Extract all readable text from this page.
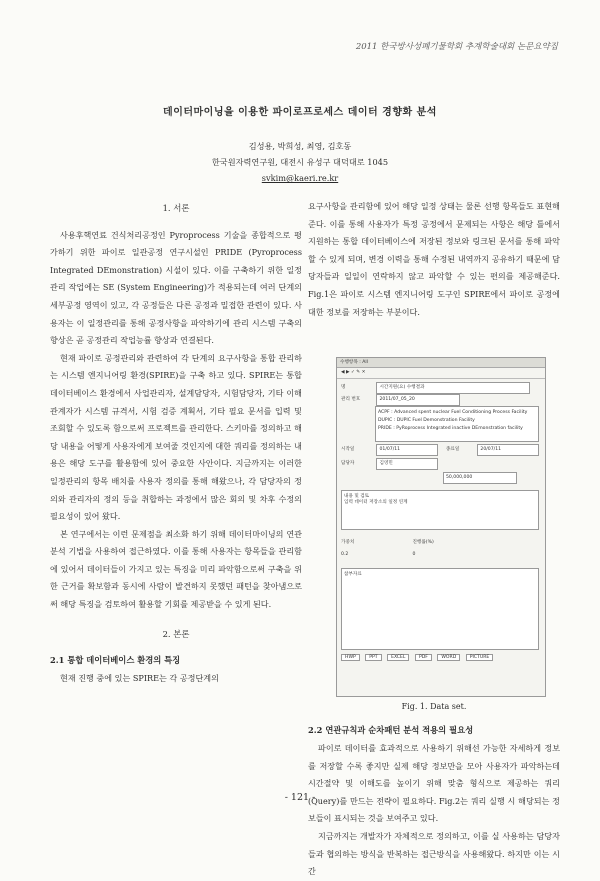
2011 한국방사성폐기물학회 추계학술대회 논문요약집
데이터마이닝을 이용한 파이로프로세스 데이터 경향화 분석
김성용, 박희성, 최영, 김호동
한국원자력연구원, 대전시 유성구 대덕대로 1045
svkim@kaeri.re.kr
1. 서론

사용후핵연료 건식처리공정인 Pyroprocess 기술을 종합적으로 평가하기 위한 파이로 일관공정 연구시설인 PRIDE (Pyroprocess Integrated DEmonstration) 시설이 있다. 이를 구축하기 위한 일정관리 작업에는 SE (System Engineering)가 적용되는데 여러 단계의 세부공정 영역이 있고, 각 공정들은 다른 공정과 밀접한 관련이 있다. 사용자는 이 일정관리를 통해 공정사항을 파악하기에 관리 시스템 구축의 향상은 곧 공정관리 작업능률 향상과 연결된다.

현재 파이로 공정관리와 관련하여 각 단계의 요구사항을 통합 관리하는 시스템 엔지니어링 환경(SPIRE)을 구축 하고 있다. SPIRE는 통합 데이터베이스 환경에서 사업관리자, 설계담당자, 시험담당자, 기타 이해관계자가 시스템 규격서, 시험 검증 계획서, 기타 필요 문서를 입력 및 조회할 수 있도록 함으로써 프로젝트를 관리한다. 스키마를 정의하고 해당 내용을 어떻게 사용자에게 보여줄 것인지에 대한 쿼리를 정의하는 내용은 해당 도구를 활용함에 있어 중요한 사안이다. 지금까지는 이러한 일정관리의 항목 배치를 사용자 정의를 통해 해왔으나, 각 담당자의 정의와 관리자의 정의 등을 취합하는 과정에서 많은 회의 및 차후 수정의 필요성이 있어 왔다.

본 연구에서는 이런 문제점을 최소화 하기 위해 데이터마이닝의 연관 분석 기법을 사용하여 접근하였다. 이를 통해 사용자는 항목들을 관리함에 있어서 데이터들이 가지고 있는 특징을 미리 파악함으로써 구축을 위한 근거를 확보함과 동시에 사람이 발견하지 못했던 패턴을 찾아냄으로써 해당 특징을 검토하여 활용할 기회를 제공받을 수 있게 된다.

2. 본론
2.1 통합 데이터베이스 환경의 특징

현재 진행 중에 있는 SPIRE는 각 공정단계의

요구사항을 관리함에 있어 해당 일정 상태는 물론 선행 항목들도 표현해 준다. 이를 통해 사용자가 특정 공정에서 문제되는 사항은 해당 틀에서 지원하는 통합 데이터베이스에 저장된 정보와 링크된 문서를 통해 파악할 수 있게 되며, 변경 이력을 통해 수정된 내역까지 공유하기 때문에 담당자들과 일일이 연락하지 않고 파악할 수 있는 편의를 제공해준다. Fig.1은 파이로 시스템 엔지니어링 도구인 SPIRE에서 파이로 공정에 대한 정보를 저장하는 부분이다.

수행항목 : All
◀ ▶ ✓ ✎ ✕
명	시간지원(요) 수행결과
관리 번호	2011/07_05_20
ACPF : Advanced spent nuclear Fuel Conditioning Process Facility
DUPIC : DUPIC Fuel Demonstration Facility
PRIDE : PyRoprocess Integrated inactive DEmonstration facility
시작일	01/07/11	종료일	20/07/11
담당자	김영민
50,000,000
내용 및 검토
입력 데이터 저장소의 일정 연계
가중치	진행률(%)
0.2	0
참부자료
HWP	PPT	EXCEL	PDF	WORD	PICTURE
Fig. 1. Data set.
2.2 연관규칙과 순차패턴 분석 적용의 필요성

파이로 데이터를 효과적으로 사용하기 위해선 가능한 자세하게 정보를 저장할 수록 좋지만 실제 해당 정보만을 모아 사용자가 파악하는데 시간절약 및 이해도를 높이기 위해 맞춤 형식으로 제공하는 쿼리(Query)를 만드는 전략이 필요하다. Fig.2는 쿼리 실행 시 해당되는 정보들이 표시되는 것을 보여주고 있다.

지금까지는 개발자가 자체적으로 정의하고, 이를 실 사용하는 담당자들과 협의하는 방식을 반복하는 접근방식을 사용해왔다. 하지만 이는 시간

- 121 -
